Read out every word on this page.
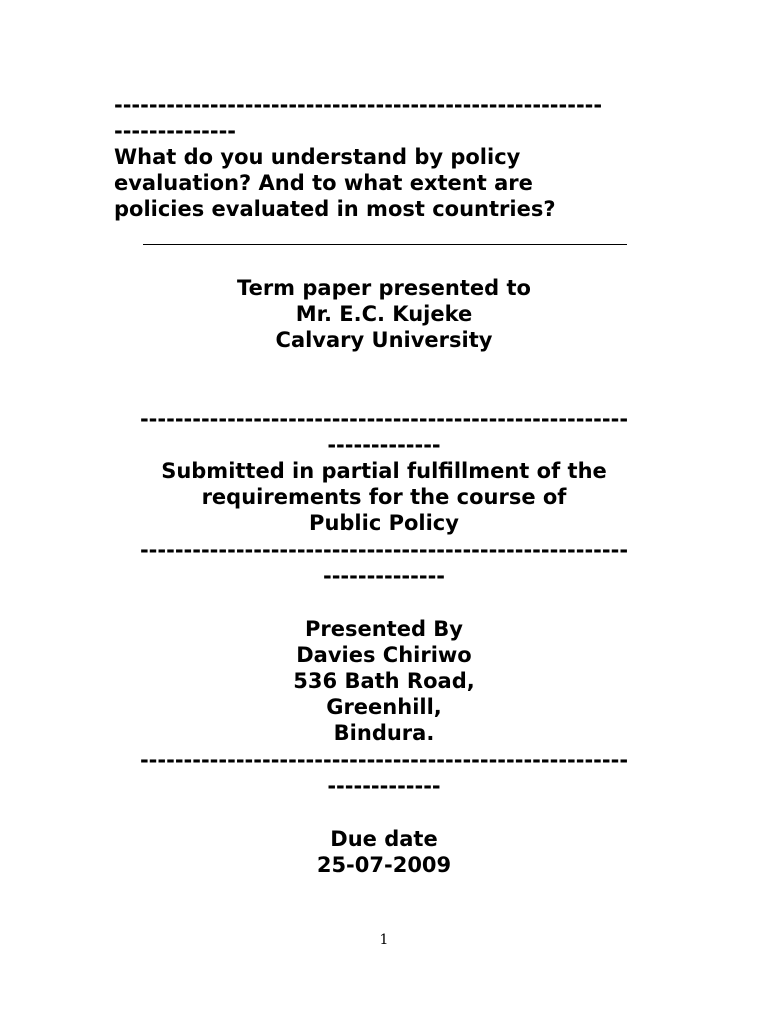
--------------------------------------------------------
--------------
What do you understand by policy
evaluation? And to what extent are
policies evaluated in most countries?
Term paper presented to
Mr. E.C. Kujeke
Calvary University
--------------------------------------------------------
-------------
Submitted in partial fulfillment of the
requirements for the course of
Public Policy
--------------------------------------------------------
--------------
Presented By
Davies Chiriwo
536 Bath Road,
Greenhill,
Bindura.
--------------------------------------------------------
-------------
Due date
25-07-2009
1
